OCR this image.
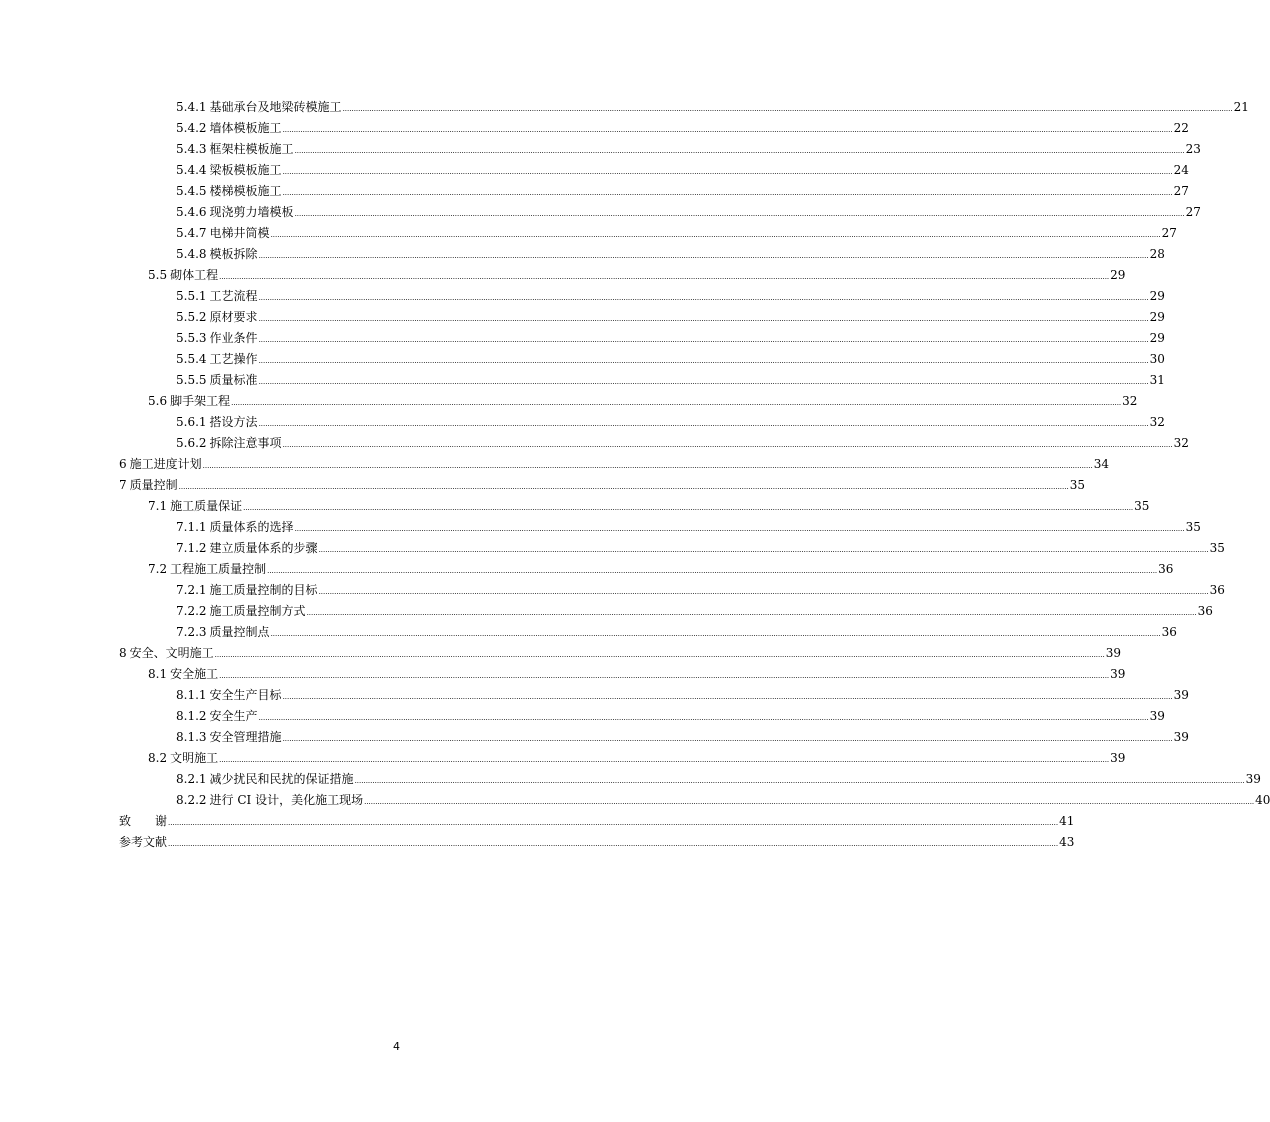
5.4.1 基础承台及地梁砖模施工 ................................................................................................................................................................................................................................................................................................................................................................................................................ 21
5.4.2 墙体模板施工 ................................................................................................................................................................................................................................................................................................................................................................................................................ 22
5.4.3 框架柱模板施工 ................................................................................................................................................................................................................................................................................................................................................................................................................ 23
5.4.4 梁板模板施工 ................................................................................................................................................................................................................................................................................................................................................................................................................ 24
5.4.5 楼梯模板施工 ................................................................................................................................................................................................................................................................................................................................................................................................................ 27
5.4.6 现浇剪力墙模板 ................................................................................................................................................................................................................................................................................................................................................................................................................ 27
5.4.7 电梯井筒模 ................................................................................................................................................................................................................................................................................................................................................................................................................ 27
5.4.8 模板拆除 ................................................................................................................................................................................................................................................................................................................................................................................................................ 28
5.5 砌体工程 ................................................................................................................................................................................................................................................................................................................................................................................................................ 29
5.5.1 工艺流程 ................................................................................................................................................................................................................................................................................................................................................................................................................ 29
5.5.2 原材要求 ................................................................................................................................................................................................................................................................................................................................................................................................................ 29
5.5.3 作业条件 ................................................................................................................................................................................................................................................................................................................................................................................................................ 29
5.5.4 工艺操作 ................................................................................................................................................................................................................................................................................................................................................................................................................ 30
5.5.5 质量标准 ................................................................................................................................................................................................................................................................................................................................................................................................................ 31
5.6 脚手架工程 ................................................................................................................................................................................................................................................................................................................................................................................................................ 32
5.6.1 搭设方法 ................................................................................................................................................................................................................................................................................................................................................................................................................ 32
5.6.2 拆除注意事项 ................................................................................................................................................................................................................................................................................................................................................................................................................ 32
6 施工进度计划 ................................................................................................................................................................................................................................................................................................................................................................................................................ 34
7 质量控制 ................................................................................................................................................................................................................................................................................................................................................................................................................ 35
7.1 施工质量保证 ................................................................................................................................................................................................................................................................................................................................................................................................................ 35
7.1.1 质量体系的选择 ................................................................................................................................................................................................................................................................................................................................................................................................................ 35
7.1.2 建立质量体系的步骤 ................................................................................................................................................................................................................................................................................................................................................................................................................ 35
7.2 工程施工质量控制 ................................................................................................................................................................................................................................................................................................................................................................................................................ 36
7.2.1 施工质量控制的目标 ................................................................................................................................................................................................................................................................................................................................................................................................................ 36
7.2.2 施工质量控制方式 ................................................................................................................................................................................................................................................................................................................................................................................................................ 36
7.2.3 质量控制点 ................................................................................................................................................................................................................................................................................................................................................................................................................ 36
8 安全、文明施工 ................................................................................................................................................................................................................................................................................................................................................................................................................ 39
8.1 安全施工 ................................................................................................................................................................................................................................................................................................................................................................................................................ 39
8.1.1 安全生产目标 ................................................................................................................................................................................................................................................................................................................................................................................................................ 39
8.1.2 安全生产 ................................................................................................................................................................................................................................................................................................................................................................................................................ 39
8.1.3 安全管理措施 ................................................................................................................................................................................................................................................................................................................................................................................................................ 39
8.2 文明施工 ................................................................................................................................................................................................................................................................................................................................................................................................................ 39
8.2.1 减少扰民和民扰的保证措施 ................................................................................................................................................................................................................................................................................................................................................................................................................ 39
8.2.2 进行 CI 设计，美化施工现场 ................................................................................................................................................................................................................................................................................................................................................................................................................ 40
致　　谢 ................................................................................................................................................................................................................................................................................................................................................................................................................ 41
参考文献 ................................................................................................................................................................................................................................................................................................................................................................................................................ 43
4
